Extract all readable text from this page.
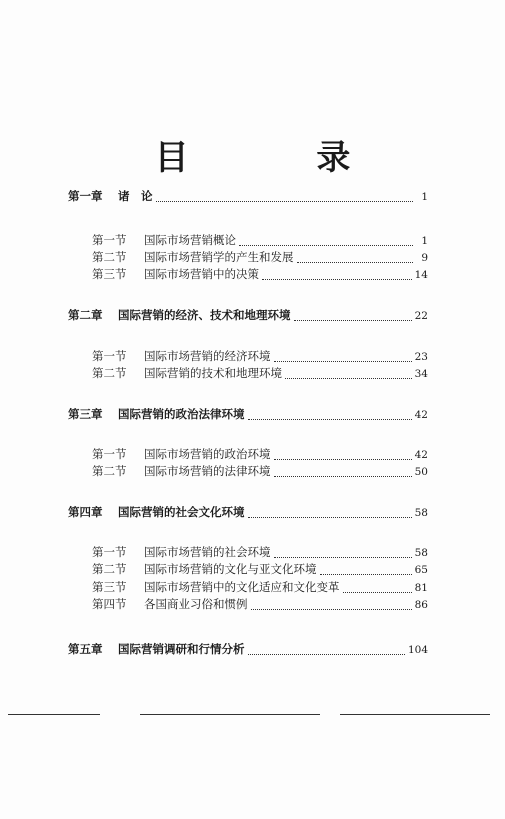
目 录
第一章	诸　论	1
第一节	国际市场营销概论	1
第二节	国际市场营销学的产生和发展	9
第三节	国际市场营销中的决策	14
第二章	国际营销的经济、技术和地理环境	22
第一节	国际市场营销的经济环境	23
第二节	国际营销的技术和地理环境	34
第三章	国际营销的政治法律环境	42
第一节	国际市场营销的政治环境	42
第二节	国际市场营销的法律环境	50
第四章	国际营销的社会文化环境	58
第一节	国际市场营销的社会环境	58
第二节	国际市场营销的文化与亚文化环境	65
第三节	国际市场营销中的文化适应和文化变革	81
第四节	各国商业习俗和惯例	86
第五章	国际营销调研和行情分析	104
